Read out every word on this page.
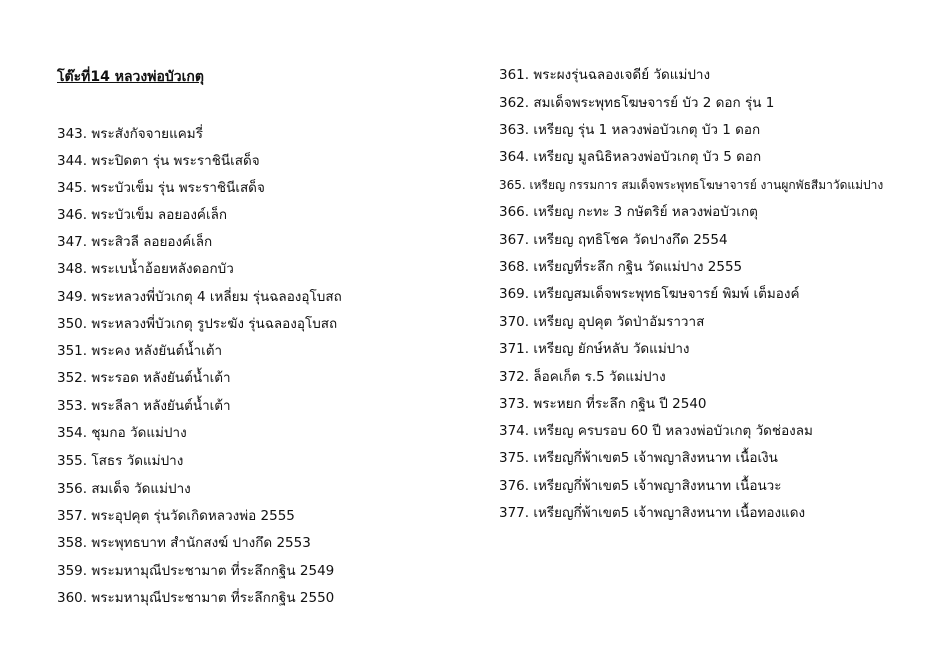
โต๊ะที่14 หลวงพ่อบัวเกตุ
343. พระสังกัจจายแคมรี่
344. พระปิดตา รุ่น พระราชินีเสด็จ
345. พระบัวเข็ม รุ่น พระราชินีเสด็จ
346. พระบัวเข็ม ลอยองค์เล็ก
347. พระสิวลี ลอยองค์เล็ก
348. พระเบน้ำอ้อยหลังดอกบัว
349. พระหลวงพี่บัวเกตุ 4 เหลี่ยม รุ่นฉลองอุโบสถ
350. พระหลวงพี่บัวเกตุ รูประฆัง รุ่นฉลองอุโบสถ
351. พระคง หลังยันต์น้ำเต้า
352. พระรอด หลังยันต์น้ำเต้า
353. พระลีลา หลังยันต์น้ำเต้า
354. ชุมกอ วัดแม่ปาง
355. โสธร วัดแม่ปาง
356. สมเด็จ วัดแม่ปาง
357. พระอุปคุต รุ่นวัดเกิดหลวงพ่อ 2555
358. พระพุทธบาท สำนักสงฆ์ ปางกึด 2553
359. พระมหามุณีประชามาต ที่ระลึกกฐิน 2549
360. พระมหามุณีประชามาต ที่ระลึกกฐิน 2550
361. พระผงรุ่นฉลองเจดีย์ วัดแม่ปาง
362. สมเด็จพระพุทธโฆษจารย์ บัว 2 ดอก รุ่น 1
363. เหรียญ รุ่น 1 หลวงพ่อบัวเกตุ บัว 1 ดอก
364. เหรียญ มูลนิธิหลวงพ่อบัวเกตุ บัว 5 ดอก
365. เหรียญ กรรมการ สมเด็จพระพุทธโฆษาจารย์ งานผูกพัธสีมาวัดแม่ปาง
366. เหรียญ กะทะ 3 กษัตริย์ หลวงพ่อบัวเกตุ
367. เหรียญ ฤทธิโชค วัดปางกึด 2554
368. เหรียญที่ระลึก กฐิน วัดแม่ปาง 2555
369. เหรียญสมเด็จพระพุทธโฆษจารย์ พิมพ์ เต็มองค์
370. เหรียญ อุปคุต วัดป่าอัมราวาส
371. เหรียญ ยักษ์หลับ วัดแม่ปาง
372. ล็อคเก็ต ร.5 วัดแม่ปาง
373. พระหยก ที่ระลึก กฐิน ปี 2540
374. เหรียญ ครบรอบ 60 ปี หลวงพ่อบัวเกตุ วัดช่องลม
375. เหรียญกึ่พ้าเขต5 เจ้าพญาสิงหนาท เนื้อเงิน
376. เหรียญกึ่พ้าเขต5 เจ้าพญาสิงหนาท เนื้อนวะ
377. เหรียญกึ่พ้าเขต5 เจ้าพญาสิงหนาท เนื้อทองแดง
